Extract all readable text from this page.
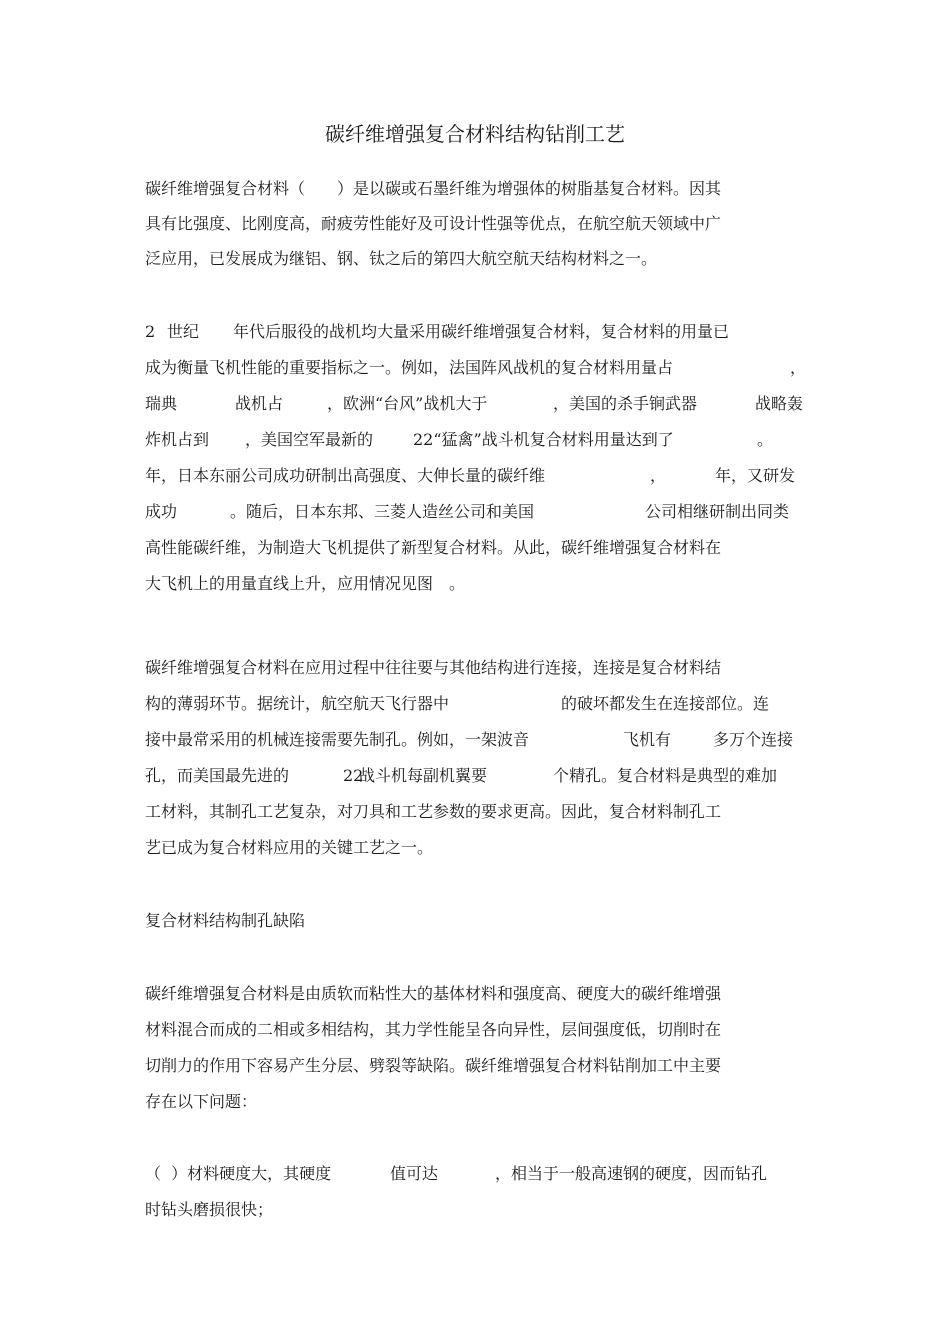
碳纤维增强复合材料结构钻削工艺
碳纤维增强复合材料（　　）是以碳或石墨纤维为增强体的树脂基复合材料。因其
具有比强度、比刚度高，耐疲劳性能好及可设计性强等优点，在航空航天领域中广
泛应用，已发展成为继铝、钢、钛之后的第四大航空航天结构材料之一。

2

世纪

年代后服役的战机均大量采用碳纤维增强复合材料，复合材料的用量已

成为衡量飞机性能的重要指标之一。例如，法国阵风战机的复合材料用量占

	，

瑞典

	战机占

	，欧洲“台风”战机大于

	，美国的杀手锏武器

	战略轰

炸机占到

，美国空军最新的

22“猛禽”战斗机复合材料用量达到了

	。

年，日本东丽公司成功研制出高强度、大伸长量的碳纤维

	，

	年，又研发

成功

	。随后，日本东邦、三菱人造丝公司和美国

	公司相继研制出同类

高性能碳纤维，为制造大飞机提供了新型复合材料。从此，碳纤维增强复合材料在
大飞机上的用量直线上升，应用情况见图　。
碳纤维增强复合材料在应用过程中往往要与其他结构进行连接，连接是复合材料结

构的薄弱环节。据统计，航空航天飞行器中

	的破坏都发生在连接部位。连

接中最常采用的机械连接需要先制孔。例如，一架波音

	飞机有

	多万个连接

孔，而美国最先进的

	22

战斗机每副机翼要

	个精孔。复合材料是典型的难加

工材料，其制孔工艺复杂，对刀具和工艺参数的要求更高。因此，复合材料制孔工
艺已成为复合材料应用的关键工艺之一。
复合材料结构制孔缺陷
碳纤维增强复合材料是由质软而粘性大的基体材料和强度高、硬度大的碳纤维增强
材料混合而成的二相或多相结构，其力学性能呈各向异性，层间强度低，切削时在
切削力的作用下容易产生分层、劈裂等缺陷。碳纤维增强复合材料钻削加工中主要
存在以下问题：

（  ）材料硬度大，其硬度

	值可达

	，相当于一般高速钢的硬度，因而钻孔

时钻头磨损很快；
